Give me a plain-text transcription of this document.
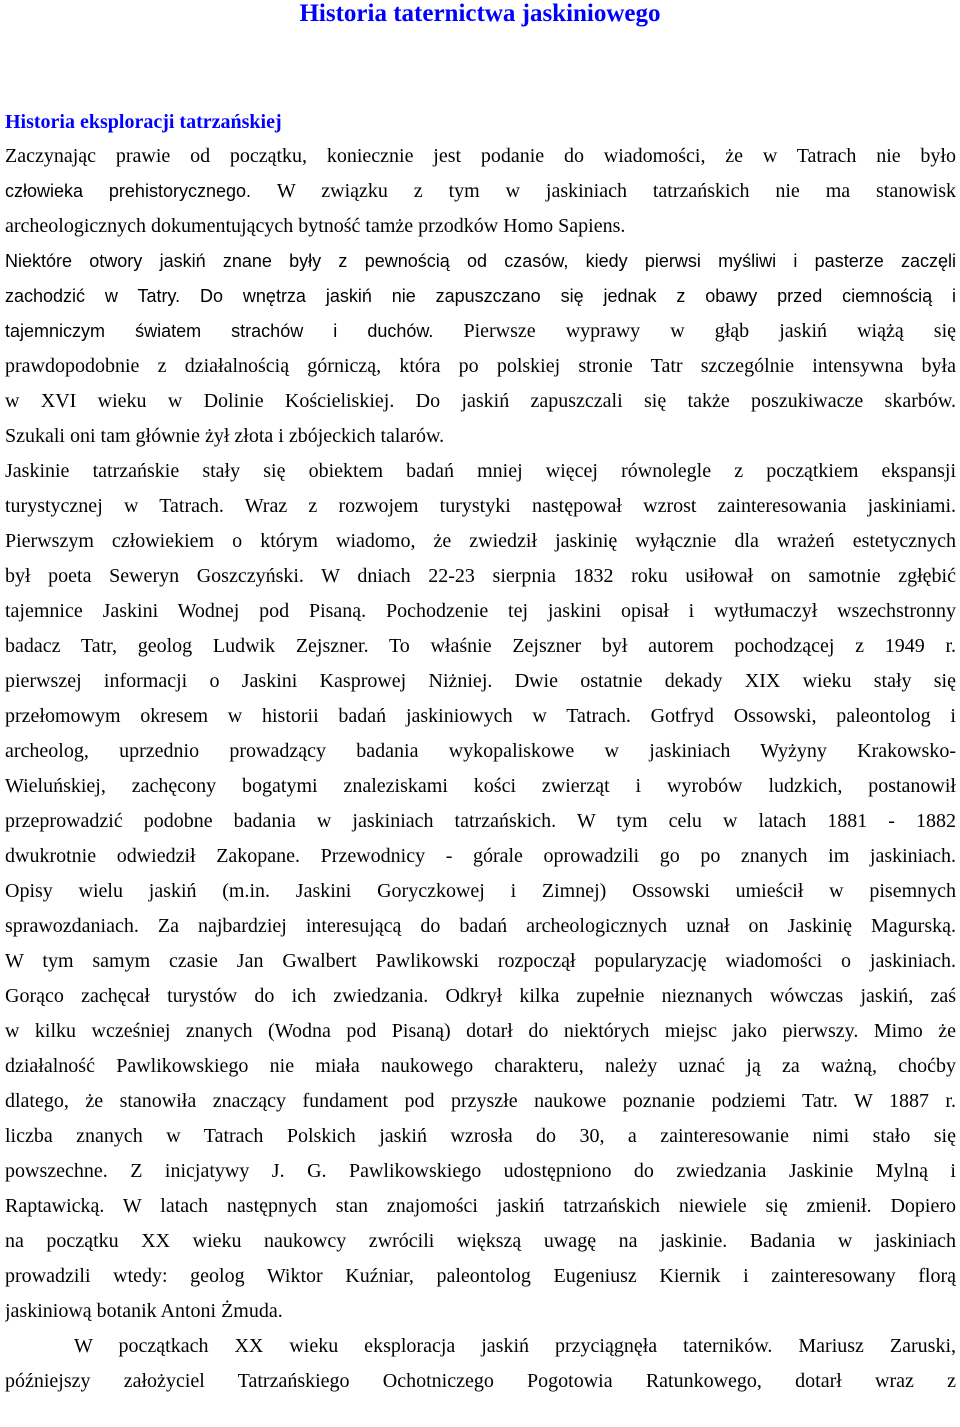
Historia taternictwa jaskiniowego
Historia eksploracji tatrzańskiej
Zaczynając prawie od początku, koniecznie jest podanie do wiadomości, że w Tatrach nie było
człowieka prehistorycznego. W związku z tym w jaskiniach tatrzańskich nie ma stanowisk
archeologicznych dokumentujących bytność tamże przodków Homo Sapiens.
Niektóre otwory jaskiń znane były z pewnością od czasów, kiedy pierwsi myśliwi i pasterze zaczęli
zachodzić w Tatry. Do wnętrza jaskiń nie zapuszczano się jednak z obawy przed ciemnością i
tajemniczym światem strachów i duchów. Pierwsze wyprawy w głąb jaskiń wiążą się
prawdopodobnie z działalnością górniczą, która po polskiej stronie Tatr szczególnie intensywna była
w XVI wieku w Dolinie Kościeliskiej. Do jaskiń zapuszczali się także poszukiwacze skarbów.
Szukali oni tam głównie żył złota i zbójeckich talarów.
Jaskinie tatrzańskie stały się obiektem badań mniej więcej równolegle z początkiem ekspansji
turystycznej w Tatrach. Wraz z rozwojem turystyki następował wzrost zainteresowania jaskiniami.
Pierwszym człowiekiem o którym wiadomo, że zwiedził jaskinię wyłącznie dla wrażeń estetycznych
był poeta Seweryn Goszczyński. W dniach 22-23 sierpnia 1832 roku usiłował on samotnie zgłębić
tajemnice Jaskini Wodnej pod Pisaną. Pochodzenie tej jaskini opisał i wytłumaczył wszechstronny
badacz Tatr, geolog Ludwik Zejszner. To właśnie Zejszner był autorem pochodzącej z 1949 r.
pierwszej informacji o Jaskini Kasprowej Niżniej. Dwie ostatnie dekady XIX wieku stały się
przełomowym okresem w historii badań jaskiniowych w Tatrach. Gotfryd Ossowski, paleontolog i
archeolog, uprzednio prowadzący badania wykopaliskowe w jaskiniach Wyżyny Krakowsko-
Wieluńskiej, zachęcony bogatymi znaleziskami kości zwierząt i wyrobów ludzkich, postanowił
przeprowadzić podobne badania w jaskiniach tatrzańskich. W tym celu w latach 1881 - 1882
dwukrotnie odwiedził Zakopane. Przewodnicy - górale oprowadzili go po znanych im jaskiniach.
Opisy wielu jaskiń (m.in. Jaskini Goryczkowej i Zimnej) Ossowski umieścił w pisemnych
sprawozdaniach. Za najbardziej interesującą do badań archeologicznych uznał on Jaskinię Magurską.
W tym samym czasie Jan Gwalbert Pawlikowski rozpoczął popularyzację wiadomości o jaskiniach.
Gorąco zachęcał turystów do ich zwiedzania. Odkrył kilka zupełnie nieznanych wówczas jaskiń, zaś
w kilku wcześniej znanych (Wodna pod Pisaną) dotarł do niektórych miejsc jako pierwszy. Mimo że
działalność Pawlikowskiego nie miała naukowego charakteru, należy uznać ją za ważną, choćby
dlatego, że stanowiła znaczący fundament pod przyszłe naukowe poznanie podziemi Tatr. W 1887 r.
liczba znanych w Tatrach Polskich jaskiń wzrosła do 30, a zainteresowanie nimi stało się
powszechne. Z inicjatywy J. G. Pawlikowskiego udostępniono do zwiedzania Jaskinie Mylną i
Raptawicką. W latach następnych stan znajomości jaskiń tatrzańskich niewiele się zmienił. Dopiero
na początku XX wieku naukowcy zwrócili większą uwagę na jaskinie. Badania w jaskiniach
prowadzili wtedy: geolog Wiktor Kuźniar, paleontolog Eugeniusz Kiernik i zainteresowany florą
jaskiniową botanik Antoni Żmuda.
W początkach XX wieku eksploracja jaskiń przyciągnęła taterników. Mariusz Zaruski,
późniejszy założyciel Tatrzańskiego Ochotniczego Pogotowia Ratunkowego, dotarł wraz z
